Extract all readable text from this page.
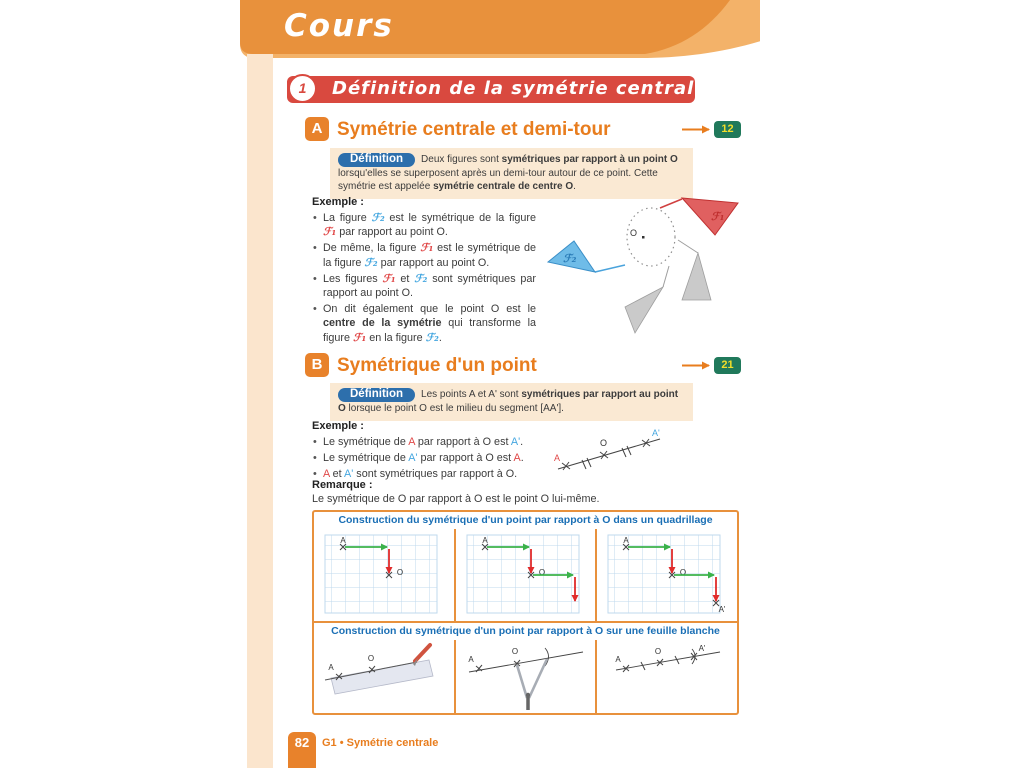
Cours
1	Définition de la symétrie centrale
A Symétrie centrale et demi-tour	12
Définition Deux figures sont symétriques par rapport à un point O lorsqu'elles se superposent après un demi-tour autour de ce point. Cette symétrie est appelée symétrie centrale de centre O.
Exemple :
• La figure ℱ₂ est le symétrique de la figure ℱ₁ par rapport au point O.
• De même, la figure ℱ₁ est le symétrique de la figure ℱ₂ par rapport au point O.
• Les figures ℱ₁ et ℱ₂ sont symétriques par rapport au point O.
• On dit également que le point O est le centre de la symétrie qui transforme la figure ℱ₁ en la figure ℱ₂.
ℱ₁
ℱ₂
O
B Symétrique d'un point	21
Définition Les points A et A' sont symétriques par rapport au point O lorsque le point O est le milieu du segment [AA'].
Exemple :
• Le symétrique de A par rapport à O est A'.
• Le symétrique de A' par rapport à O est A.
• A et A' sont symétriques par rapport à O.
A
O
A'
Remarque :
Le symétrique de O par rapport à O est le point O lui-même.
Construction du symétrique d'un point par rapport à O dans un quadrillage
A
O
A
O
A
O
A'
Construction du symétrique d'un point par rapport à O sur une feuille blanche
A
O	A
O
A
O	A'
82	G1 • Symétrie centrale
